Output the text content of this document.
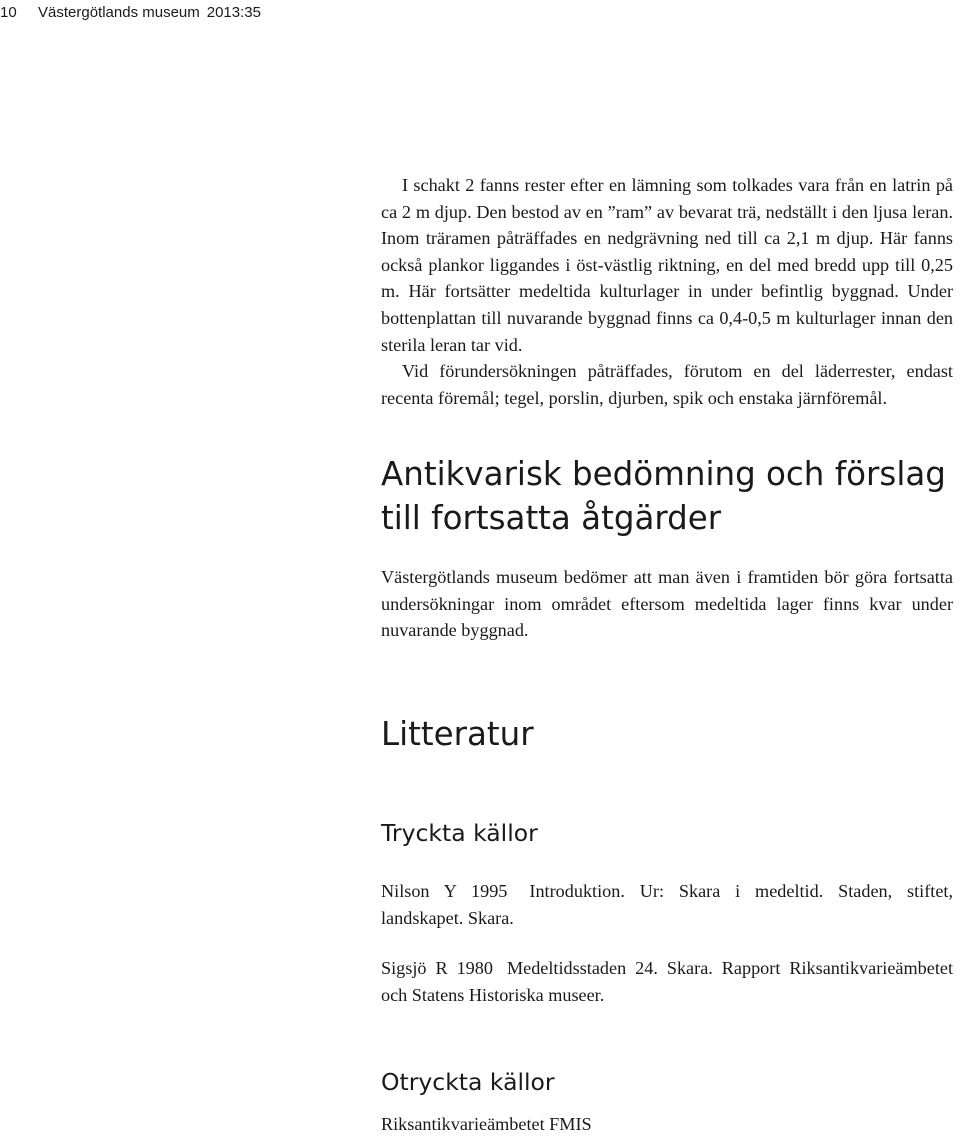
10 Västergötlands museum 2013:35

I schakt 2 fanns rester efter en lämning som tolkades vara från en latrin på ca 2 m djup. Den bestod av en ”ram” av bevarat trä, nedställt i den ljusa leran. Inom träramen påträffades en nedgrävning ned till ca 2,1 m djup. Här fanns också plankor liggandes i öst-västlig riktning, en del med bredd upp till 0,25 m. Här fortsätter medeltida kulturlager in under befintlig byggnad. Under bottenplattan till nuvarande byggnad finns ca 0,4-0,5 m kulturlager innan den sterila leran tar vid.

Vid förundersökningen påträffades, förutom en del läderrester, endast recenta föremål; tegel, porslin, djurben, spik och enstaka järnföremål.

Antikvarisk bedömning och förslag
till fortsatta åtgärder

Västergötlands museum bedömer att man även i framtiden bör göra fortsatta undersökningar inom området eftersom medeltida lager finns kvar under nuvarande byggnad.

Litteratur
Tryckta källor

Nilson Y 1995 Introduktion. Ur: Skara i medeltid. Staden, stiftet, landskapet. Skara.

Sigsjö R 1980 Medeltidsstaden 24. Skara. Rapport Riksantikvarieämbetet och Statens Historiska museer.

Otryckta källor

Riksantikvarieämbetet FMIS
